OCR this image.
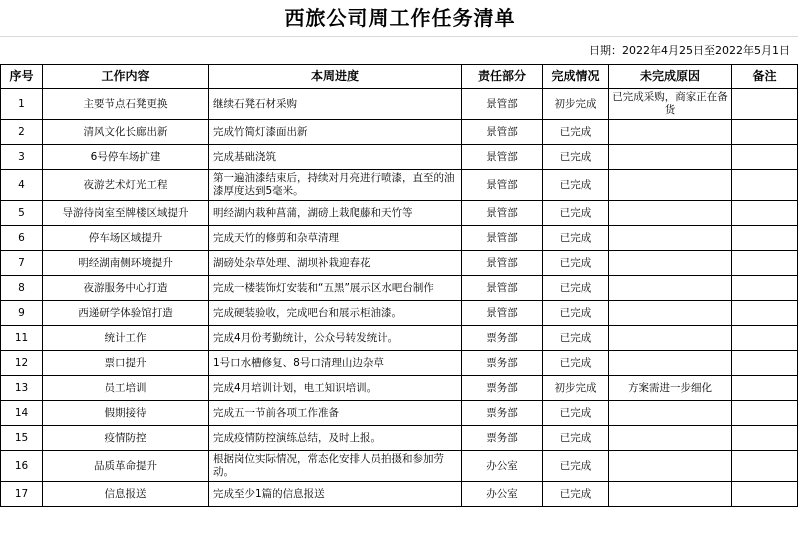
西旅公司周工作任务清单
日期：2022年4月25日至2022年5月1日
序号	工作内容	本周进度	责任部分	完成情况	未完成原因	备注
1	主要节点石凳更换	继续石凳石材采购	景管部	初步完成	已完成采购，商家正在备货	
2	清风文化长廊出新	完成竹简灯漆面出新	景管部	已完成		
3	6号停车场扩建	完成基础浇筑	景管部	已完成		
4	夜游艺术灯光工程	第一遍油漆结束后，持续对月亮进行喷漆，直至的油漆厚度达到5毫米。	景管部	已完成		
5	导游待岗室至牌楼区域提升	明经湖内栽种菖蒲，湖磅上栽爬藤和天竹等	景管部	已完成		
6	停车场区域提升	完成天竹的修剪和杂草清理	景管部	已完成		
7	明经湖南侧环境提升	湖磅处杂草处理、湖坝补栽迎春花	景管部	已完成		
8	夜游服务中心打造	完成一楼装饰灯安装和“五黑”展示区水吧台制作	景管部	已完成		
9	西递研学体验馆打造	完成硬装验收，完成吧台和展示柜油漆。	景管部	已完成		
11	统计工作	完成4月份考勤统计，公众号转发统计。	票务部	已完成		
12	票口提升	1号口水槽修复、8号口清理山边杂草	票务部	已完成		
13	员工培训	完成4月培训计划，电工知识培训。	票务部	初步完成	方案需进一步细化	
14	假期接待	完成五一节前各项工作准备	票务部	已完成		
15	疫情防控	完成疫情防控演练总结，及时上报。	票务部	已完成		
16	品质革命提升	根据岗位实际情况，常态化安排人员拍摄和参加劳动。	办公室	已完成		
17	信息报送	完成至少1篇的信息报送	办公室	已完成		
